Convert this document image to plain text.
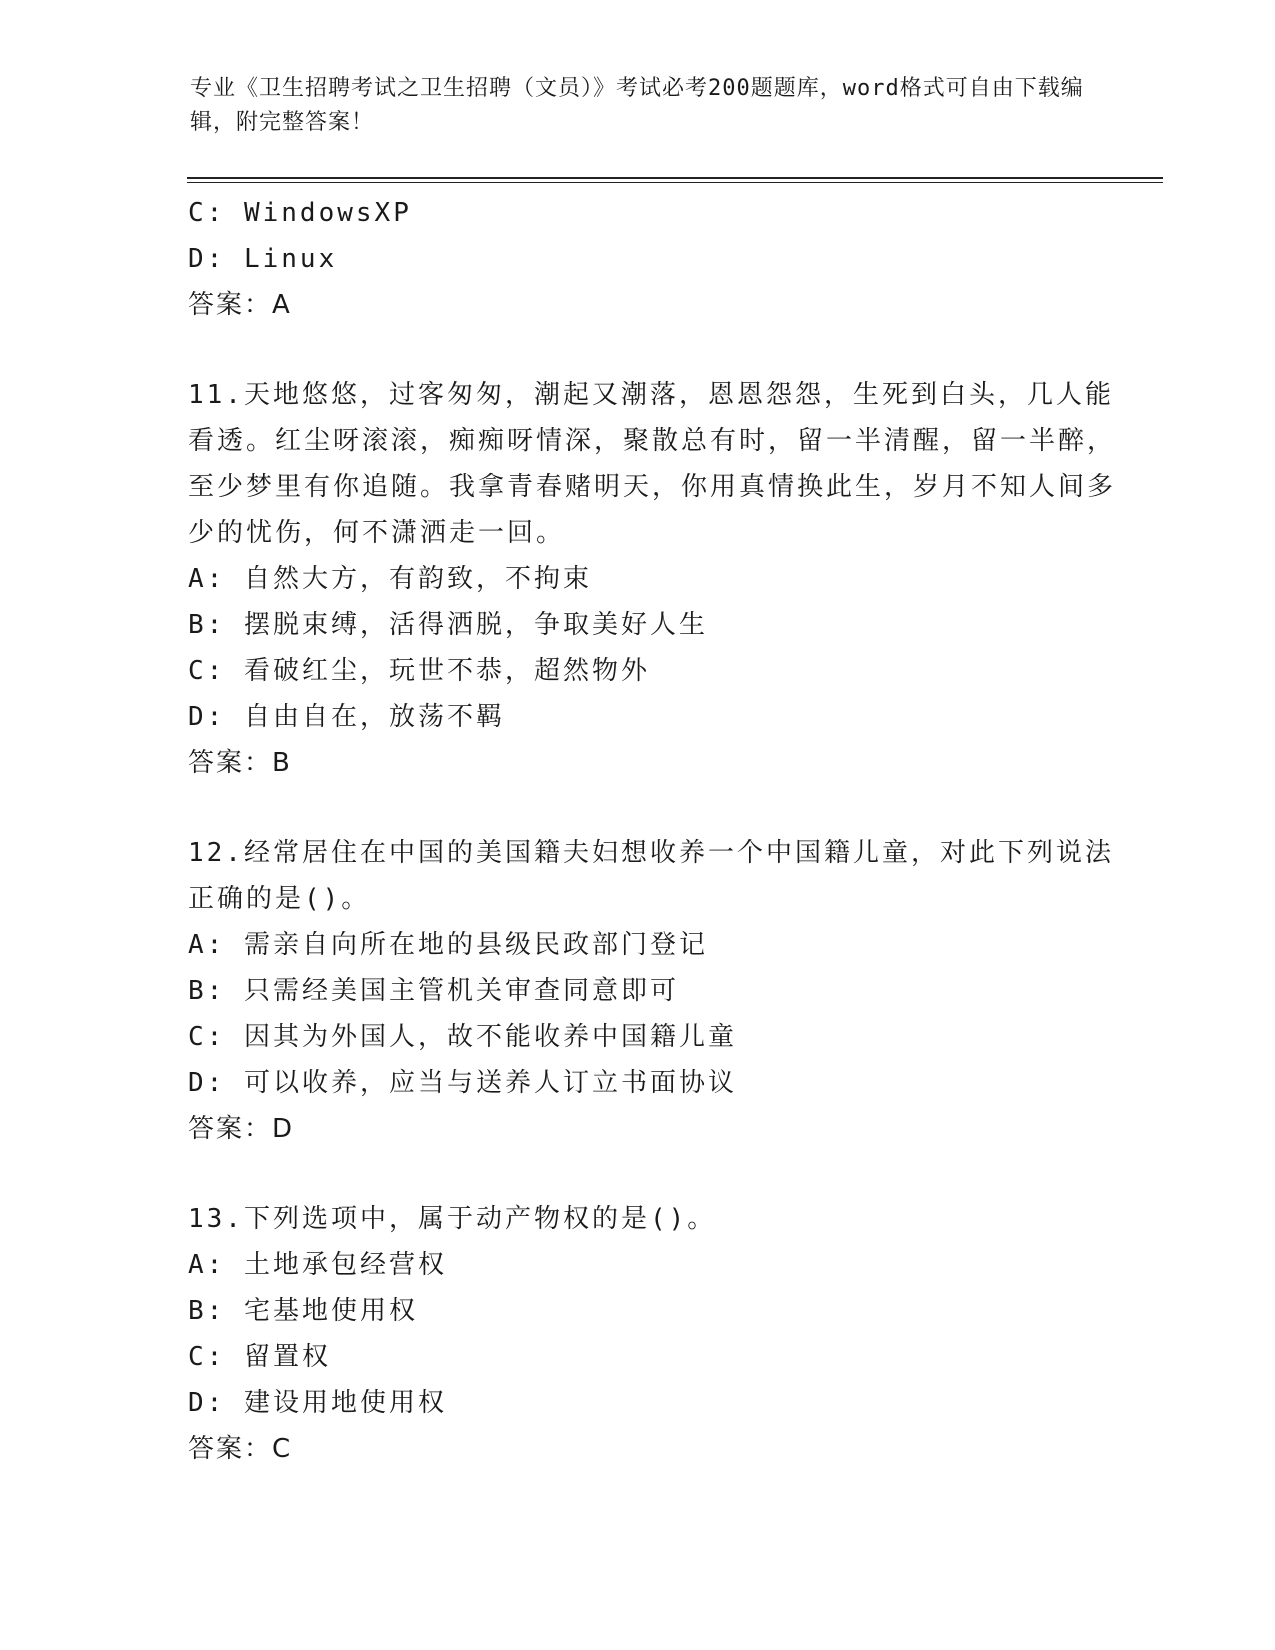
专业《卫生招聘考试之卫生招聘（文员）》考试必考200题题库，word格式可自由下载编辑，附完整答案！
C: WindowsXP
D: Linux
答案：A
11.天地悠悠，过客匆匆，潮起又潮落，恩恩怨怨，生死到白头，几人能看透。红尘呀滚滚，痴痴呀情深，聚散总有时，留一半清醒，留一半醉，至少梦里有你追随。我拿青春赌明天，你用真情换此生，岁月不知人间多少的忧伤，何不潇洒走一回。
A: 自然大方，有韵致，不拘束
B: 摆脱束缚，活得洒脱，争取美好人生
C: 看破红尘，玩世不恭，超然物外
D: 自由自在，放荡不羁
答案：B
12.经常居住在中国的美国籍夫妇想收养一个中国籍儿童，对此下列说法正确的是()。
A: 需亲自向所在地的县级民政部门登记
B: 只需经美国主管机关审查同意即可
C: 因其为外国人，故不能收养中国籍儿童
D: 可以收养，应当与送养人订立书面协议
答案：D
13.下列选项中，属于动产物权的是()。
A: 土地承包经营权
B: 宅基地使用权
C: 留置权
D: 建设用地使用权
答案：C
